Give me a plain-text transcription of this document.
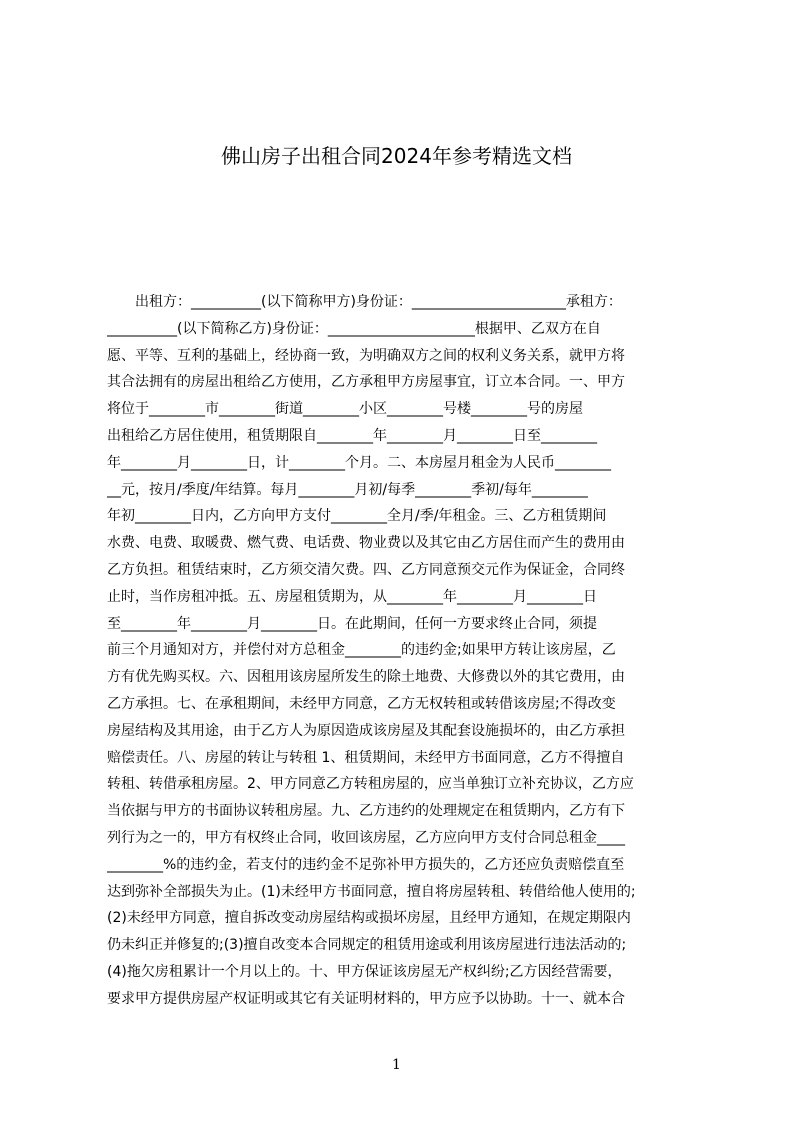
佛山房子出租合同2024年参考精选文档
　　出租方：__________(以下简称甲方)身份证：______________________承租方：
__________(以下简称乙方)身份证：_____________________根据甲、乙双方在自
愿、平等、互利的基础上，经协商一致，为明确双方之间的权利义务关系，就甲方将
其合法拥有的房屋出租给乙方使用，乙方承租甲方房屋事宜，订立本合同。一、甲方
将位于________市________街道________小区________号楼________号的房屋
出租给乙方居住使用，租赁期限自________年________月________日至________
年________月________日，计________个月。二、本房屋月租金为人民币________
__元，按月/季度/年结算。每月________月初/每季________季初/每年________
年初________日内，乙方向甲方支付________全月/季/年租金。三、乙方租赁期间
水费、电费、取暖费、燃气费、电话费、物业费以及其它由乙方居住而产生的费用由
乙方负担。租赁结束时，乙方须交清欠费。四、乙方同意预交元作为保证金，合同终
止时，当作房租冲抵。五、房屋租赁期为，从________年________月________日
至________年________月________日。在此期间，任何一方要求终止合同，须提
前三个月通知对方，并偿付对方总租金________的违约金;如果甲方转让该房屋，乙
方有优先购买权。六、因租用该房屋所发生的除土地费、大修费以外的其它费用，由
乙方承担。七、在承租期间，未经甲方同意，乙方无权转租或转借该房屋;不得改变
房屋结构及其用途，由于乙方人为原因造成该房屋及其配套设施损坏的，由乙方承担
赔偿责任。八、房屋的转让与转租 1、租赁期间，未经甲方书面同意，乙方不得擅自
转租、转借承租房屋。2、甲方同意乙方转租房屋的，应当单独订立补充协议，乙方应
当依据与甲方的书面协议转租房屋。九、乙方违约的处理规定在租赁期内，乙方有下
列行为之一的，甲方有权终止合同，收回该房屋，乙方应向甲方支付合同总租金____
________%的违约金，若支付的违约金不足弥补甲方损失的，乙方还应负责赔偿直至
达到弥补全部损失为止。(1)未经甲方书面同意，擅自将房屋转租、转借给他人使用的;
(2)未经甲方同意，擅自拆改变动房屋结构或损坏房屋，且经甲方通知，在规定期限内
仍未纠正并修复的;(3)擅自改变本合同规定的租赁用途或利用该房屋进行违法活动的;
(4)拖欠房租累计一个月以上的。十、甲方保证该房屋无产权纠纷;乙方因经营需要，
要求甲方提供房屋产权证明或其它有关证明材料的，甲方应予以协助。十一、就本合
1
